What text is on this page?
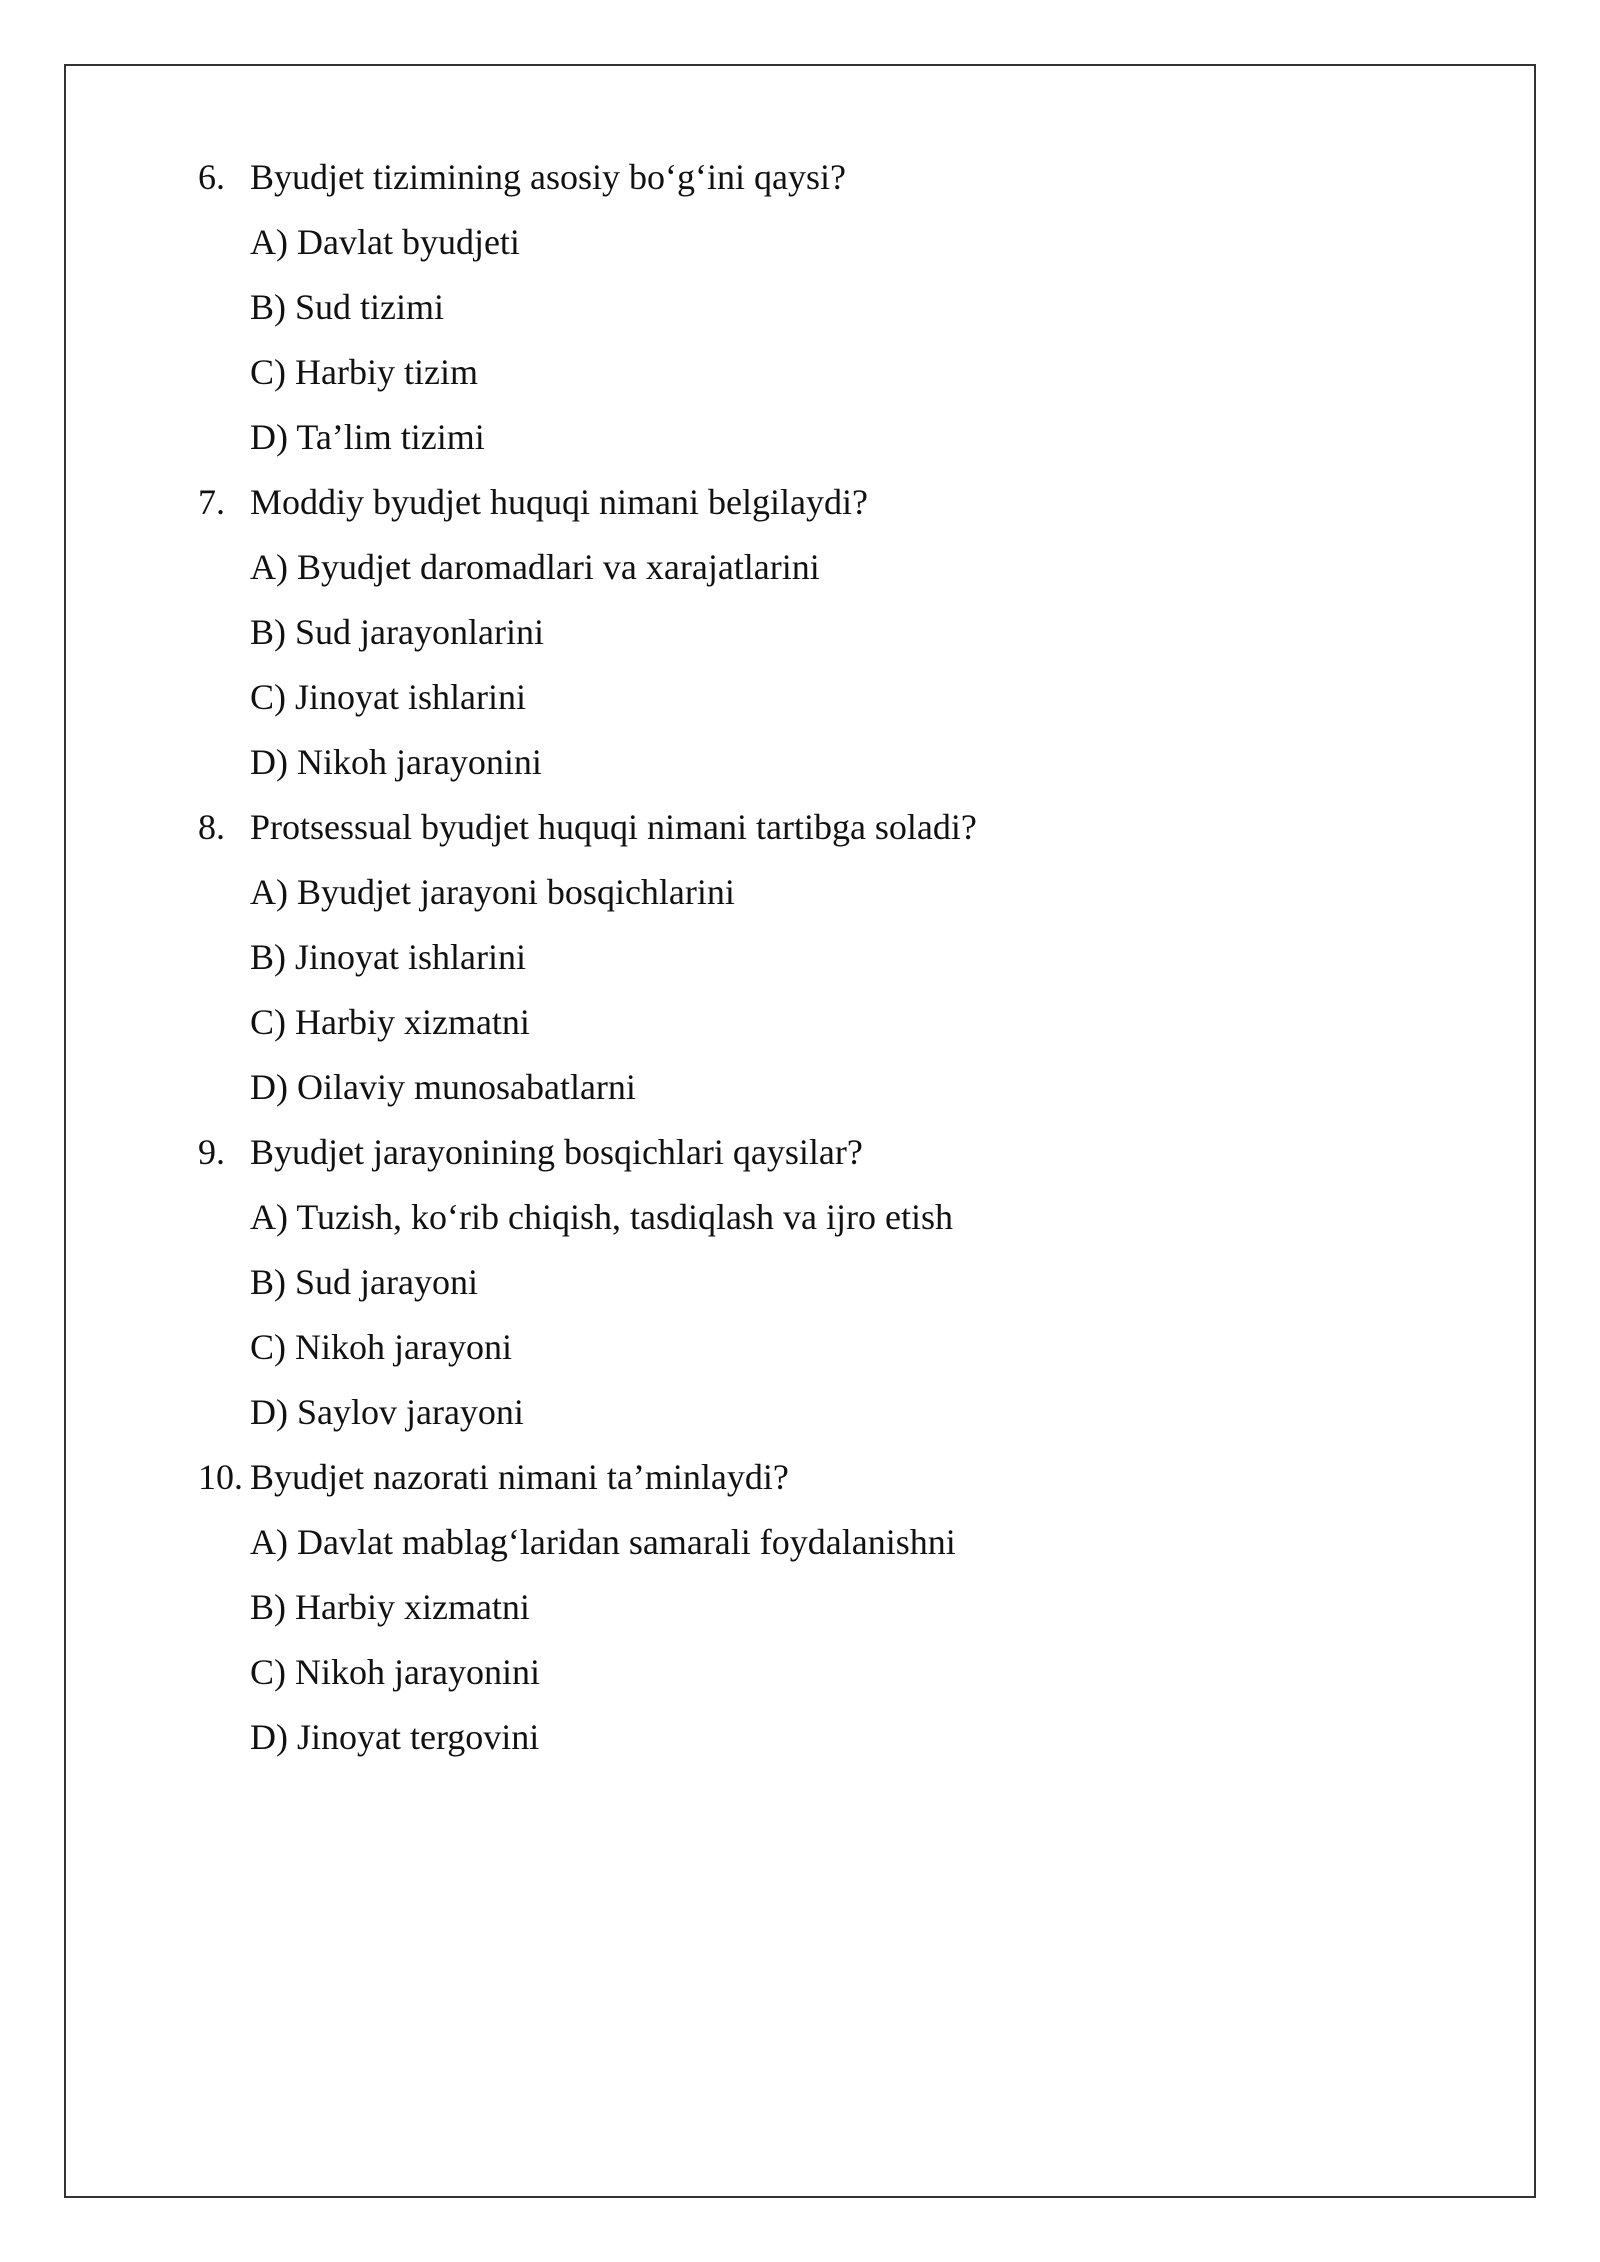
6. Byudjet tizimining asosiy bo‘g‘ini qaysi?
A) Davlat byudjeti
B) Sud tizimi
C) Harbiy tizim
D) Ta’lim tizimi
7. Moddiy byudjet huquqi nimani belgilaydi?
A) Byudjet daromadlari va xarajatlarini
B) Sud jarayonlarini
C) Jinoyat ishlarini
D) Nikoh jarayonini
8. Protsessual byudjet huquqi nimani tartibga soladi?
A) Byudjet jarayoni bosqichlarini
B) Jinoyat ishlarini
C) Harbiy xizmatni
D) Oilaviy munosabatlarni
9. Byudjet jarayonining bosqichlari qaysilar?
A) Tuzish, ko‘rib chiqish, tasdiqlash va ijro etish
B) Sud jarayoni
C) Nikoh jarayoni
D) Saylov jarayoni
10. Byudjet nazorati nimani ta’minlaydi?
A) Davlat mablag‘laridan samarali foydalanishni
B) Harbiy xizmatni
C) Nikoh jarayonini
D) Jinoyat tergovini
